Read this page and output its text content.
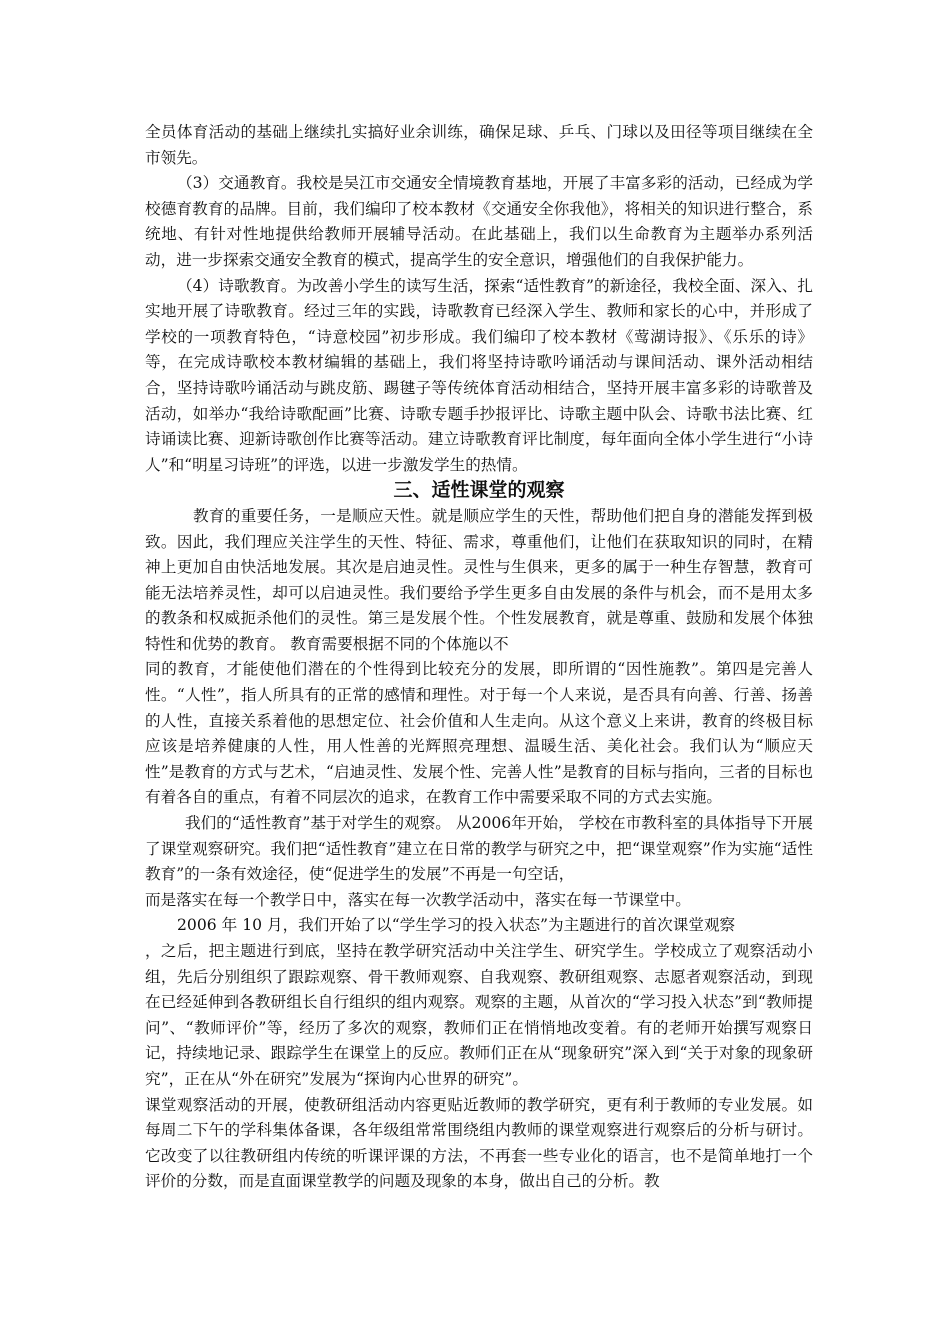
全员体育活动的基础上继续扎实搞好业余训练，确保足球、乒乓、门球以及田径等项目继续在全市领先。

（3）交通教育。我校是吴江市交通安全情境教育基地，开展了丰富多彩的活动，已经成为学校德育教育的品牌。目前，我们编印了校本教材《交通安全你我他》，将相关的知识进行整合，系统地、有针对性地提供给教师开展辅导活动。在此基础上，我们以生命教育为主题举办系列活动，进一步探索交通安全教育的模式，提高学生的安全意识，增强他们的自我保护能力。

（4）诗歌教育。为改善小学生的读写生活，探索“适性教育”的新途径，我校全面、深入、扎实地开展了诗歌教育。经过三年的实践，诗歌教育已经深入学生、教师和家长的心中，并形成了学校的一项教育特色，“诗意校园”初步形成。我们编印了校本教材《莺湖诗报》、《乐乐的诗》等，在完成诗歌校本教材编辑的基础上，我们将坚持诗歌吟诵活动与课间活动、课外活动相结合，坚持诗歌吟诵活动与跳皮筋、踢毽子等传统体育活动相结合，坚持开展丰富多彩的诗歌普及活动，如举办“我给诗歌配画”比赛、诗歌专题手抄报评比、诗歌主题中队会、诗歌书法比赛、红诗诵读比赛、迎新诗歌创作比赛等活动。建立诗歌教育评比制度，每年面向全体小学生进行“小诗人”和“明星习诗班”的评选，以进一步激发学生的热情。

三、适性课堂的观察

教育的重要任务，一是顺应天性。就是顺应学生的天性，帮助他们把自身的潜能发挥到极致。因此，我们理应关注学生的天性、特征、需求，尊重他们，让他们在获取知识的同时，在精神上更加自由快活地发展。其次是启迪灵性。灵性与生俱来，更多的属于一种生存智慧，教育可能无法培养灵性，却可以启迪灵性。我们要给予学生更多自由发展的条件与机会，而不是用太多的教条和权威扼杀他们的灵性。第三是发展个性。个性发展教育，就是尊重、鼓励和发展个体独特性和优势的教育。 教育需要根据不同的个体施以不

同的教育，才能使他们潜在的个性得到比较充分的发展，即所谓的“因性施教”。第四是完善人性。“人性”，指人所具有的正常的感情和理性。对于每一个人来说，是否具有向善、行善、扬善的人性，直接关系着他的思想定位、社会价值和人生走向。从这个意义上来讲，教育的终极目标应该是培养健康的人性，用人性善的光辉照亮理想、温暖生活、美化社会。我们认为“顺应天性”是教育的方式与艺术，“启迪灵性、发展个性、完善人性”是教育的目标与指向，三者的目标也有着各自的重点，有着不同层次的追求，在教育工作中需要采取不同的方式去实施。

我们的“适性教育”基于对学生的观察。 从2006年开始， 学校在市教科室的具体指导下开展了课堂观察研究。我们把“适性教育”建立在日常的教学与研究之中，把“课堂观察”作为实施“适性教育”的一条有效途径，使“促进学生的发展”不再是一句空话，

而是落实在每一个教学日中，落实在每一次教学活动中，落实在每一节课堂中。

2006 年 10 月，我们开始了以“学生学习的投入状态”为主题进行的首次课堂观察

，之后，把主题进行到底，坚持在教学研究活动中关注学生、研究学生。学校成立了观察活动小组，先后分别组织了跟踪观察、骨干教师观察、自我观察、教研组观察、志愿者观察活动，到现在已经延伸到各教研组长自行组织的组内观察。观察的主题，从首次的“学习投入状态”到“教师提问”、“教师评价”等，经历了多次的观察，教师们正在悄悄地改变着。有的老师开始撰写观察日记，持续地记录、跟踪学生在课堂上的反应。教师们正在从“现象研究”深入到“关于对象的现象研究”，正在从“外在研究”发展为“探询内心世界的研究”。

课堂观察活动的开展，使教研组活动内容更贴近教师的教学研究，更有利于教师的专业发展。如每周二下午的学科集体备课，各年级组常常围绕组内教师的课堂观察进行观察后的分析与研讨。它改变了以往教研组内传统的听课评课的方法，不再套一些专业化的语言，也不是简单地打一个评价的分数，而是直面课堂教学的问题及现象的本身，做出自己的分析。教
